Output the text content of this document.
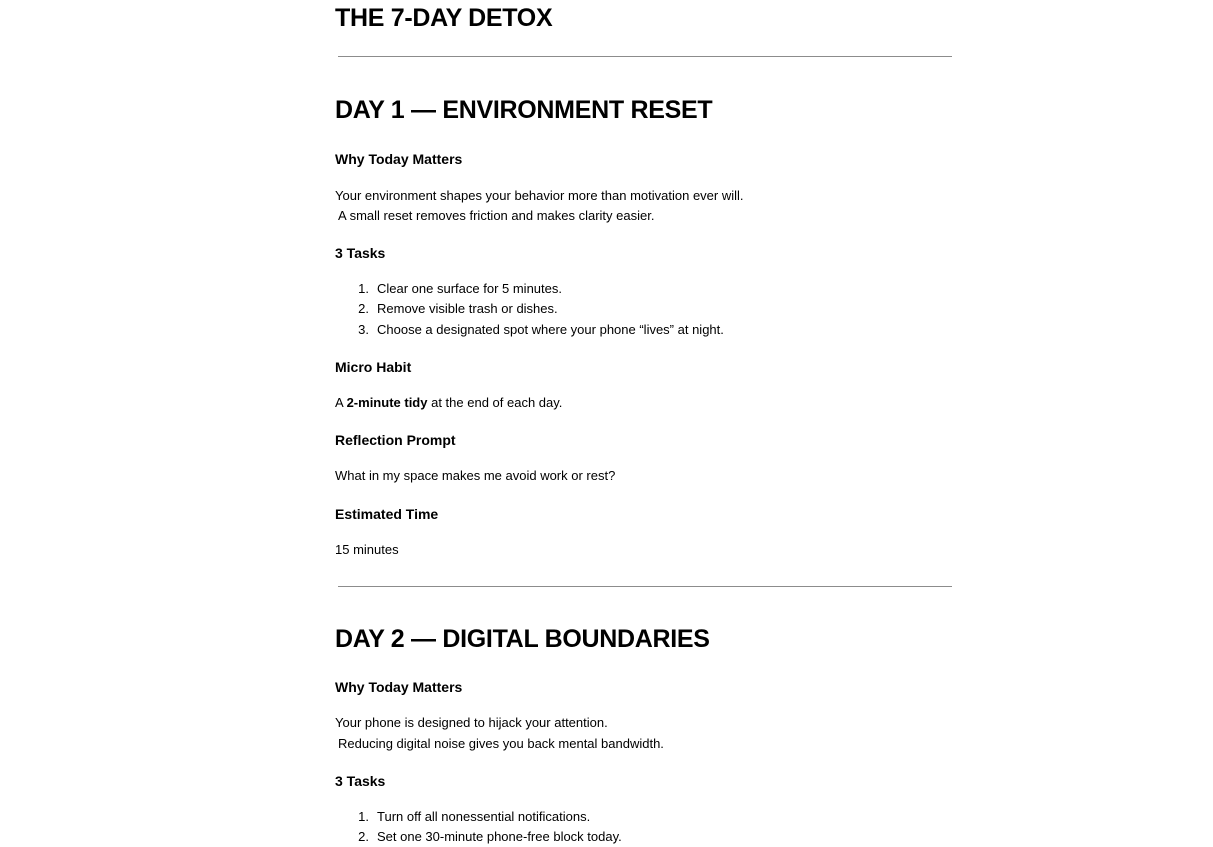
THE 7-DAY DETOX
DAY 1 — ENVIRONMENT RESET
Why Today Matters

Your environment shapes your behavior more than motivation ever will.

A small reset removes friction and makes clarity easier.

3 Tasks
1. Clear one surface for 5 minutes.
2. Remove visible trash or dishes.
3. Choose a designated spot where your phone “lives” at night.
Micro Habit

A 2-minute tidy at the end of each day.

Reflection Prompt

What in my space makes me avoid work or rest?

Estimated Time

15 minutes

DAY 2 — DIGITAL BOUNDARIES
Why Today Matters

Your phone is designed to hijack your attention.

Reducing digital noise gives you back mental bandwidth.

3 Tasks
1. Turn off all nonessential notifications.
2. Set one 30-minute phone-free block today.
